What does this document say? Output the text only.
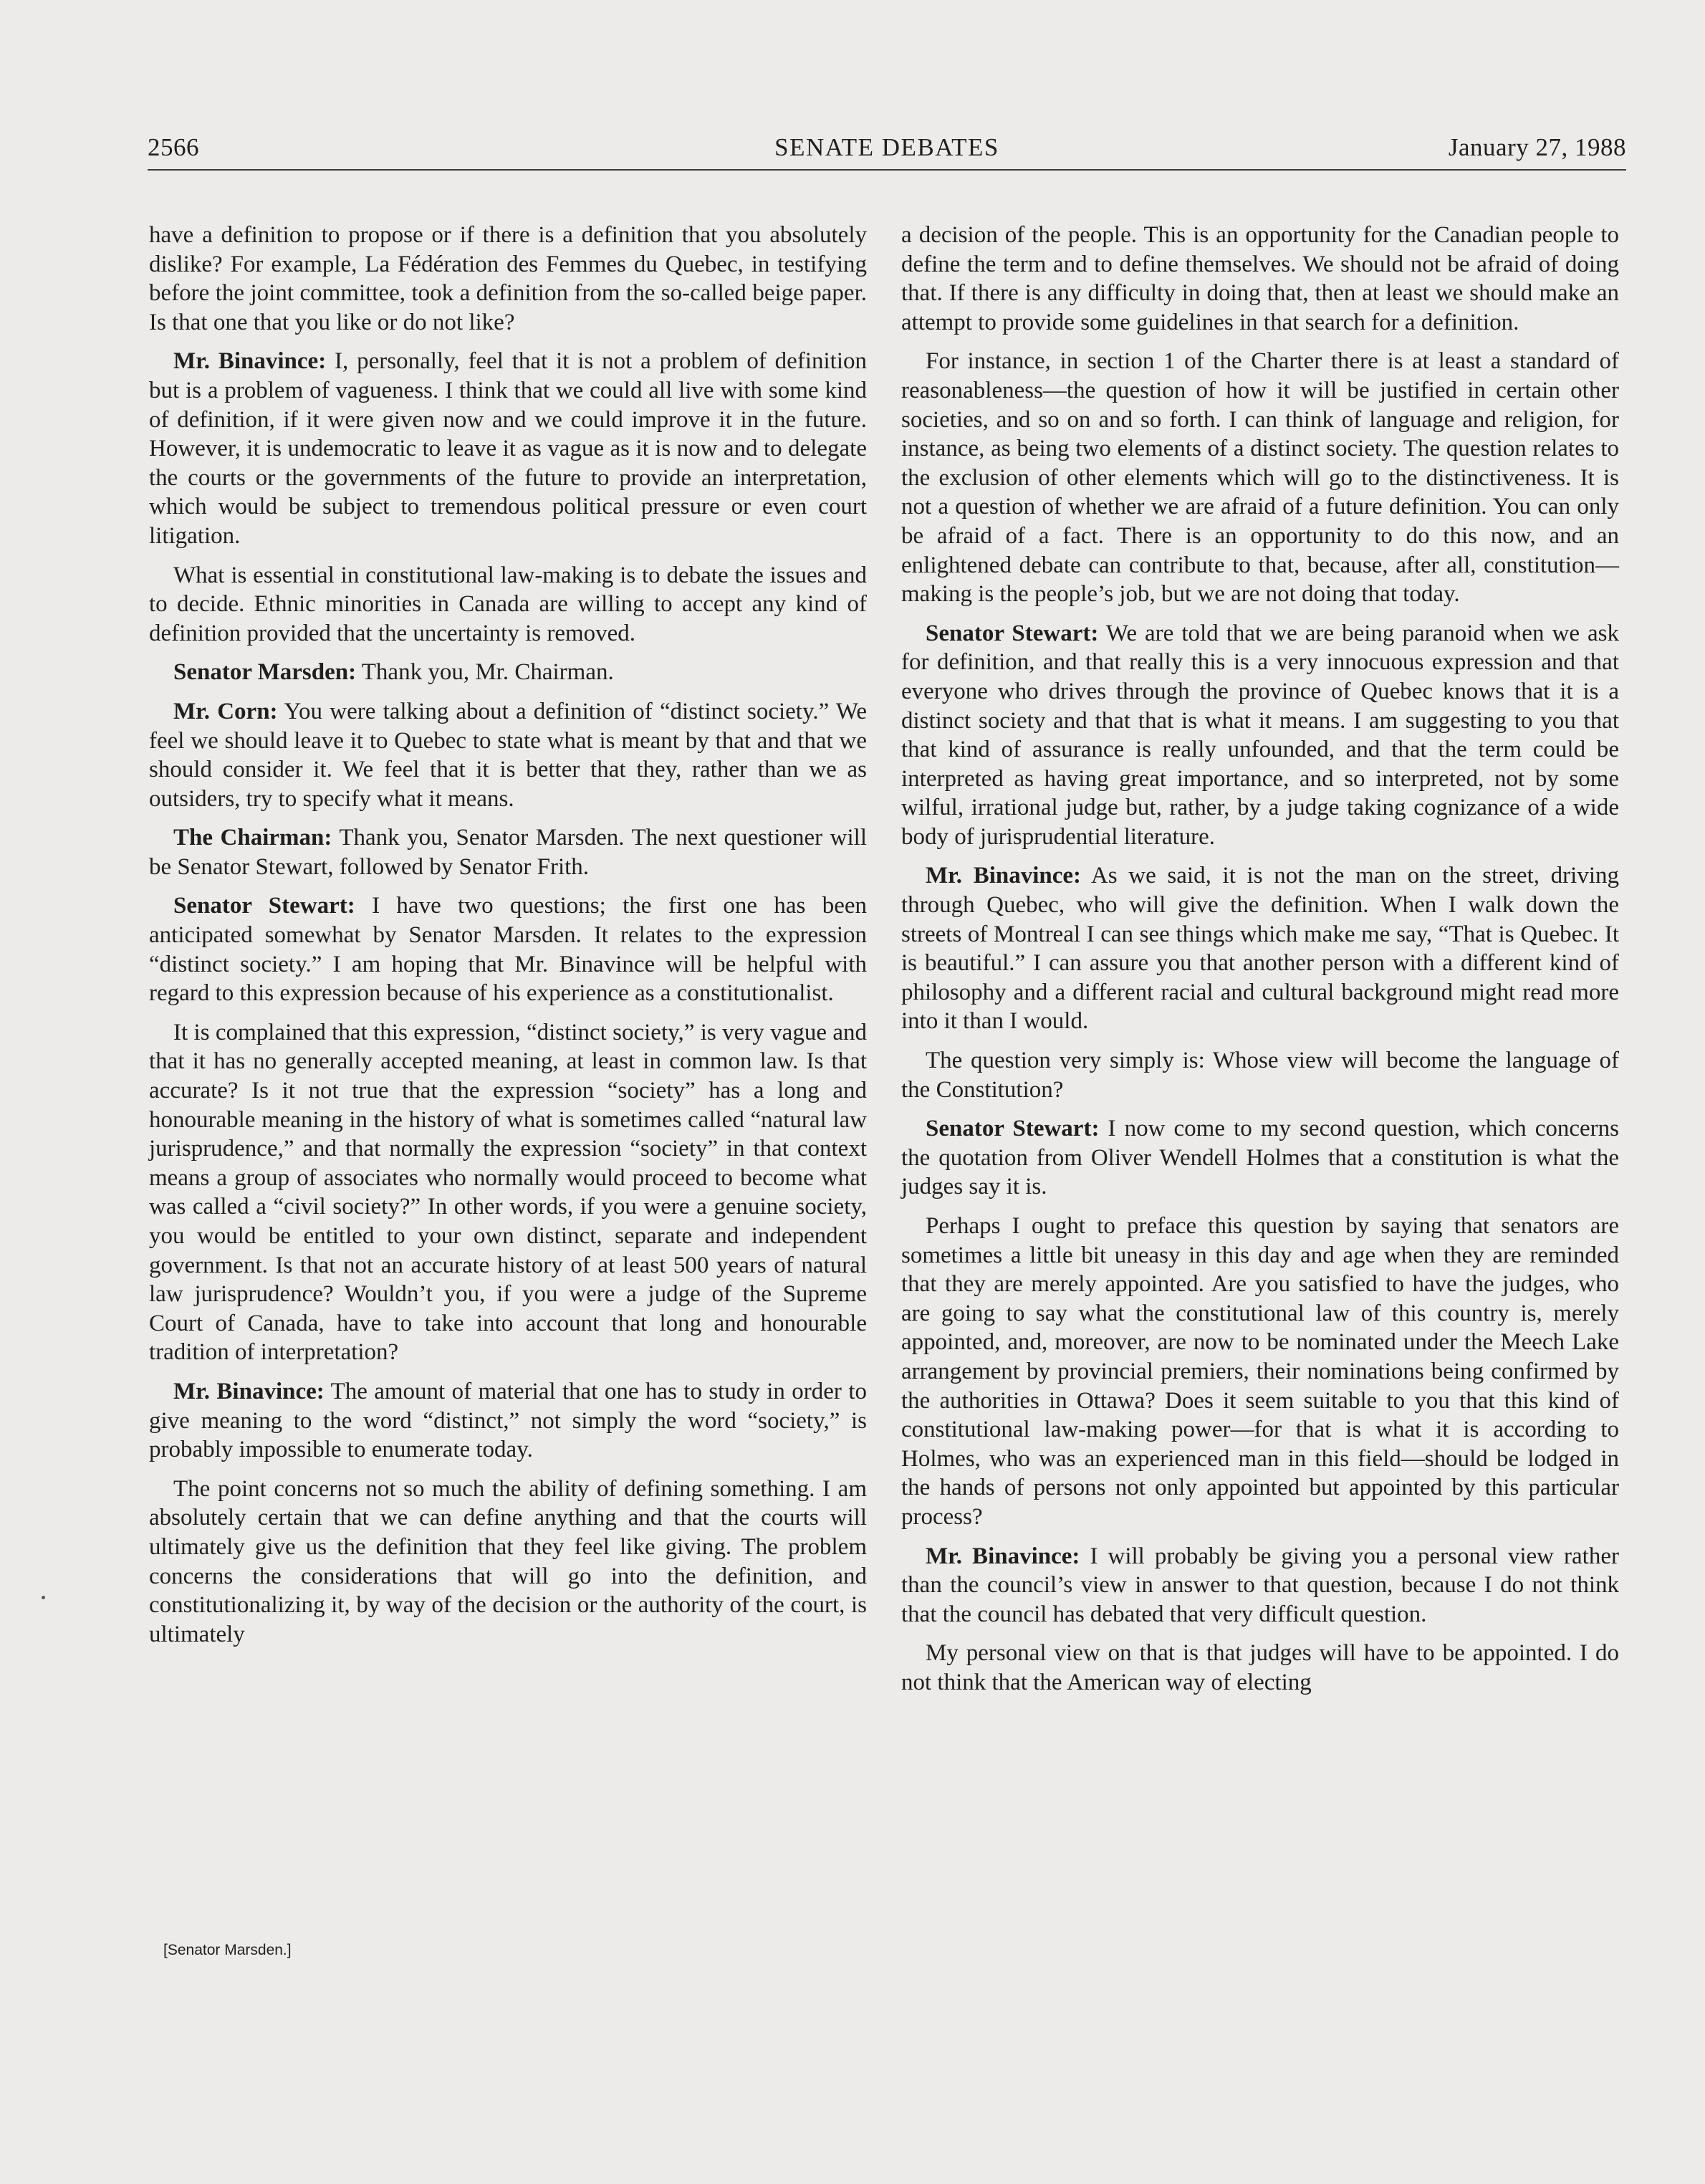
2566	SENATE DEBATES	January 27, 1988

have a definition to propose or if there is a definition that you absolutely dislike? For example, La Fédération des Femmes du Quebec, in testifying before the joint committee, took a definition from the so-called beige paper. Is that one that you like or do not like?

Mr. Binavince: I, personally, feel that it is not a problem of definition but is a problem of vagueness. I think that we could all live with some kind of definition, if it were given now and we could improve it in the future. However, it is undemocratic to leave it as vague as it is now and to delegate the courts or the governments of the future to provide an interpretation, which would be subject to tremendous political pressure or even court litigation.

What is essential in constitutional law-making is to debate the issues and to decide. Ethnic minorities in Canada are willing to accept any kind of definition provided that the uncertainty is removed.

Senator Marsden: Thank you, Mr. Chairman.

Mr. Corn: You were talking about a definition of “distinct society.” We feel we should leave it to Quebec to state what is meant by that and that we should consider it. We feel that it is better that they, rather than we as outsiders, try to specify what it means.

The Chairman: Thank you, Senator Marsden. The next questioner will be Senator Stewart, followed by Senator Frith.

Senator Stewart: I have two questions; the first one has been anticipated somewhat by Senator Marsden. It relates to the expression “distinct society.” I am hoping that Mr. Binavince will be helpful with regard to this expression because of his experience as a constitutionalist.

It is complained that this expression, “distinct society,” is very vague and that it has no generally accepted meaning, at least in common law. Is that accurate? Is it not true that the expression “society” has a long and honourable meaning in the history of what is sometimes called “natural law jurisprudence,” and that normally the expression “society” in that context means a group of associates who normally would proceed to become what was called a “civil society?” In other words, if you were a genuine society, you would be entitled to your own distinct, separate and independent government. Is that not an accurate history of at least 500 years of natural law jurisprudence? Wouldn’t you, if you were a judge of the Supreme Court of Canada, have to take into account that long and honourable tradition of interpretation?

Mr. Binavince: The amount of material that one has to study in order to give meaning to the word “distinct,” not simply the word “society,” is probably impossible to enumerate today.

The point concerns not so much the ability of defining something. I am absolutely certain that we can define anything and that the courts will ultimately give us the definition that they feel like giving. The problem concerns the considerations that will go into the definition, and constitutionalizing it, by way of the decision or the authority of the court, is ultimately

a decision of the people. This is an opportunity for the Canadian people to define the term and to define themselves. We should not be afraid of doing that. If there is any difficulty in doing that, then at least we should make an attempt to provide some guidelines in that search for a definition.

For instance, in section 1 of the Charter there is at least a standard of reasonableness—the question of how it will be justified in certain other societies, and so on and so forth. I can think of language and religion, for instance, as being two elements of a distinct society. The question relates to the exclusion of other elements which will go to the distinctiveness. It is not a question of whether we are afraid of a future definition. You can only be afraid of a fact. There is an opportunity to do this now, and an enlightened debate can contribute to that, because, after all, constitution—making is the people’s job, but we are not doing that today.

Senator Stewart: We are told that we are being paranoid when we ask for definition, and that really this is a very innocuous expression and that everyone who drives through the province of Quebec knows that it is a distinct society and that that is what it means. I am suggesting to you that that kind of assurance is really unfounded, and that the term could be interpreted as having great importance, and so interpreted, not by some wilful, irrational judge but, rather, by a judge taking cognizance of a wide body of jurisprudential literature.

Mr. Binavince: As we said, it is not the man on the street, driving through Quebec, who will give the definition. When I walk down the streets of Montreal I can see things which make me say, “That is Quebec. It is beautiful.” I can assure you that another person with a different kind of philosophy and a different racial and cultural background might read more into it than I would.

The question very simply is: Whose view will become the language of the Constitution?

Senator Stewart: I now come to my second question, which concerns the quotation from Oliver Wendell Holmes that a constitution is what the judges say it is.

Perhaps I ought to preface this question by saying that senators are sometimes a little bit uneasy in this day and age when they are reminded that they are merely appointed. Are you satisfied to have the judges, who are going to say what the constitutional law of this country is, merely appointed, and, moreover, are now to be nominated under the Meech Lake arrangement by provincial premiers, their nominations being confirmed by the authorities in Ottawa? Does it seem suitable to you that this kind of constitutional law-making power—for that is what it is according to Holmes, who was an experienced man in this field—should be lodged in the hands of persons not only appointed but appointed by this particular process?

Mr. Binavince: I will probably be giving you a personal view rather than the council’s view in answer to that question, because I do not think that the council has debated that very difficult question.

My personal view on that is that judges will have to be appointed. I do not think that the American way of electing

[Senator Marsden.]
